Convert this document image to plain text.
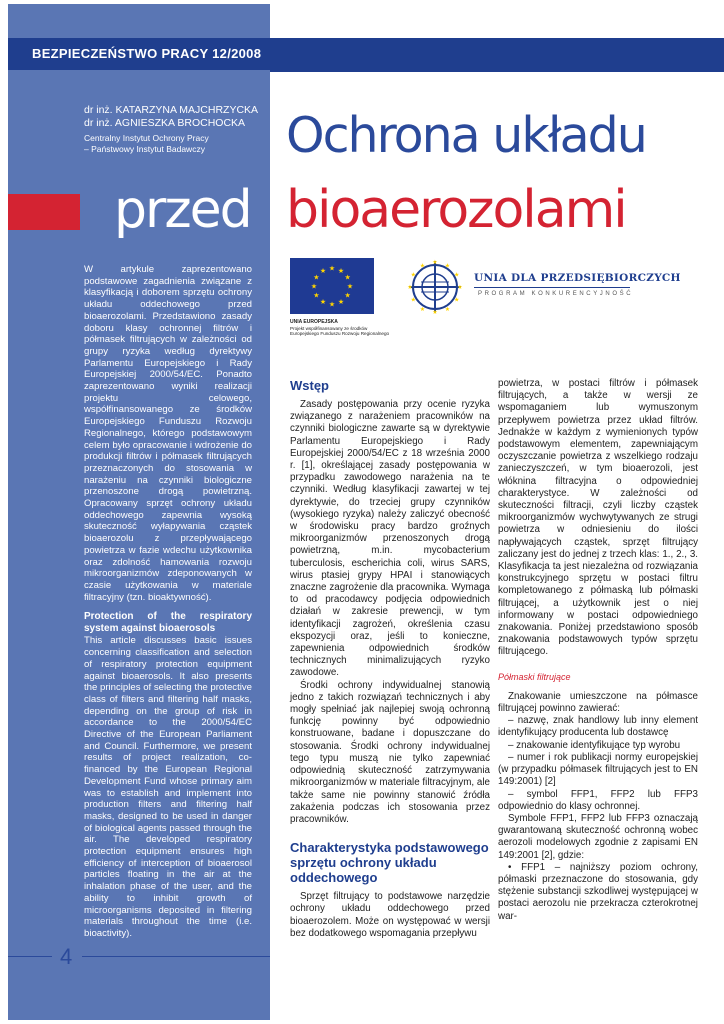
BEZPIECZEŃSTWO PRACY 12/2008
dr inż. KATARZYNA MAJCHRZYCKA
dr inż. AGNIESZKA BROCHOCKA
Centralny Instytut Ochrony Pracy
– Państwowy Instytut Badawczy	Ochrona układu
przed bioaerozolami

W artykule zaprezentowano podstawowe zagadnienia związane z klasyfikacją i doborem sprzętu ochrony układu oddechowego przed bioaerozolami. Przedstawiono zasady doboru klasy ochronnej filtrów i półmasek filtrujących w zależności od grupy ryzyka według dyrektywy Parlamentu Europejskiego i Rady Europejskiej 2000/54/EC. Ponadto zaprezentowano wyniki realizacji projektu celowego, współfinansowanego ze środków Europejskiego Funduszu Rozwoju Regionalnego, którego podstawowym celem było opracowanie i wdrożenie do produkcji filtrów i półmasek filtrujących przeznaczonych do stosowania w narażeniu na czynniki biologiczne przenoszone drogą powietrzną. Opracowany sprzęt ochrony układu oddechowego zapewnia wysoką skuteczność wyłapywania cząstek bioaerozolu z przepływającego powietrza w fazie wdechu użytkownika oraz zdolność hamowania rozwoju mikroorganizmów zdeponowanych w czasie użytkowania w materiale filtracyjny (tzn. bioaktywność).

Protection of the respiratory system against bioaerosols

This article discusses basic issues concerning classification and selection of respiratory protection equipment against bioaerosols. It also presents the principles of selecting the protective class of filters and filtering half masks, depending on the group of risk in accordance to the 2000/54/EC Directive of the European Parliament and Council. Furthermore, we present results of project realization, co-financed by the European Regional Development Fund whose primary aim was to establish and implement into production filters and filtering half masks, designed to be used in danger of biological agents passed through the air. The developed respiratory protection equipment ensures high efficiency of interception of bioaerosol particles floating in the air at the inhalation phase of the user, and the ability to inhibit growth of microorganisms deposited in filtering materials throughout the time (i.e. bioactivity).

4
★ ★
★
★
★
★
★
★
★
★
★
★
UNIA EUROPEJSKA
Projekt współfinansowany ze środków
Europejskiego Funduszu Rozwoju Regionalnego
★
★
★
★
★
★
★
★
★
★
★
★
UNIA DLA PRZEDSIĘBIORCZYCH
PROGRAM KONKURENCYJNOŚĆ
Wstęp

Zasady postępowania przy ocenie ryzyka związanego z narażeniem pracowników na czynniki biologiczne zawarte są w dyrektywie Parlamentu Europejskiego i Rady Europejskiej 2000/54/EC z 18 września 2000 r. [1], określającej zasady postępowania w przypadku zawodowego narażenia na te czynniki. Według klasyfikacji zawartej w tej dyrektywie, do trzeciej grupy czynników (wysokiego ryzyka) należy zaliczyć obecność w środowisku pracy bardzo groźnych mikroorganizmów przenoszonych drogą powietrzną, m.in. mycobacterium tuberculosis, escherichia coli, wirus SARS, wirus ptasiej grypy HPAI i stanowiących znaczne zagrożenie dla pracownika. Wymaga to od pracodawcy podjęcia odpowiednich działań w zakresie prewencji, w tym identyfikacji zagrożeń, określenia czasu ekspozycji oraz, jeśli to konieczne, zapewnienia odpowiednich środków technicznych minimalizujących ryzyko zawodowe.

Środki ochrony indywidualnej stanowią jedno z takich rozwiązań technicznych i aby mogły spełniać jak najlepiej swoją ochronną funkcję powinny być odpowiednio konstruowane, badane i dopuszczane do stosowania. Środki ochrony indywidualnej tego typu muszą nie tylko zapewniać odpowiednią skuteczność zatrzymywania mikroorganizmów w materiale filtracyjnym, ale także same nie powinny stanowić źródła zakażenia podczas ich stosowania przez pracowników.

Charakterystyka podstawowego sprzętu ochrony układu oddechowego

Sprzęt filtrujący to podstawowe narzędzie ochrony układu oddechowego przed bioaerozolem. Może on występować w wersji bez dodatkowego wspomagania przepływu

powietrza, w postaci filtrów i półmasek filtrujących, a także w wersji ze wspomaganiem lub wymuszonym przepływem powietrza przez układ filtrów. Jednakże w każdym z wymienionych typów podstawowym elementem, zapewniającym oczyszczanie powietrza z wszelkiego rodzaju zanieczyszczeń, w tym bioaerozoli, jest włóknina filtracyjna o odpowiedniej charakterystyce. W zależności od skuteczności filtracji, czyli liczby cząstek mikroorganizmów wychwytywanych ze strugi powietrza w odniesieniu do ilości napływających cząstek, sprzęt filtrujący zaliczany jest do jednej z trzech klas: 1., 2., 3. Klasyfikacja ta jest niezależna od rozwiązania konstrukcyjnego sprzętu w postaci filtru kompletowanego z półmaską lub półmaski filtrującej, a użytkownik jest o niej informowany w postaci odpowiedniego znakowania. Poniżej przedstawiono sposób znakowania podstawowych typów sprzętu filtrującego.

Półmaski filtrujące

Znakowanie umieszczone na półmasce filtrującej powinno zawierać:

– nazwę, znak handlowy lub inny element identyfikujący producenta lub dostawcę

– znakowanie identyfikujące typ wyrobu

– numer i rok publikacji normy europejskiej (w przypadku półmasek filtrujących jest to EN 149:2001) [2]

– symbol FFP1, FFP2 lub FFP3 odpowiednio do klasy ochronnej.

Symbole FFP1, FFP2 lub FFP3 oznaczają gwarantowaną skuteczność ochronną wobec aerozoli modelowych zgodnie z zapisami EN 149:2001 [2], gdzie:

• FFP1 – najniższy poziom ochrony, półmaski przeznaczone do stosowania, gdy stężenie substancji szkodliwej występującej w postaci aerozolu nie przekracza czterokrotnej war-
